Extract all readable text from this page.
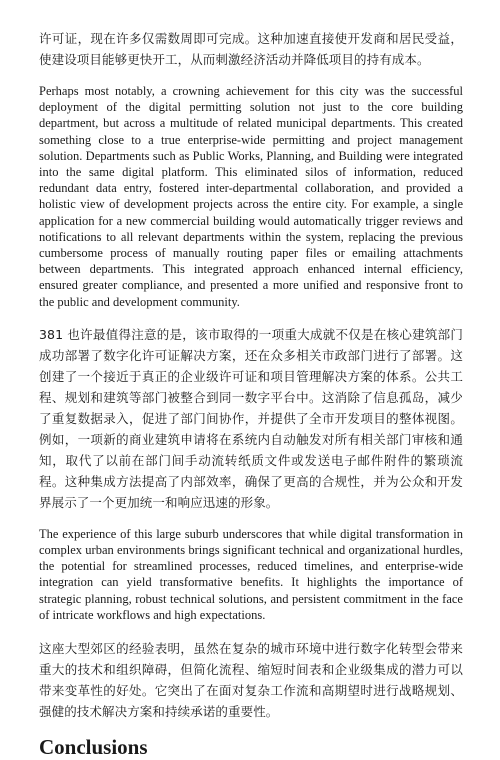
许可证，现在许多仅需数周即可完成。这种加速直接使开发商和居民受益，使建设项目能够更快开工，从而刺激经济活动并降低项目的持有成本。

Perhaps most notably, a crowning achievement for this city was the successful deployment of the digital permitting solution not just to the core building department, but across a multitude of related municipal departments. This created something close to a true enterprise-wide permitting and project management solution. Departments such as Public Works, Planning, and Building were integrated into the same digital platform. This eliminated silos of information, reduced redundant data entry, fostered inter-departmental collaboration, and provided a holistic view of development projects across the entire city. For example, a single application for a new commercial building would automatically trigger reviews and notifications to all relevant departments within the system, replacing the previous cumbersome process of manually routing paper files or emailing attachments between departments. This integrated approach enhanced internal efficiency, ensured greater compliance, and presented a more unified and responsive front to the public and development community.

381 也许最值得注意的是，该市取得的一项重大成就不仅是在核心建筑部门成功部署了数字化许可证解决方案，还在众多相关市政部门进行了部署。这创建了一个接近于真正的企业级许可证和项目管理解决方案的体系。公共工程、规划和建筑等部门被整合到同一数字平台中。这消除了信息孤岛，减少了重复数据录入，促进了部门间协作，并提供了全市开发项目的整体视图。例如，一项新的商业建筑申请将在系统内自动触发对所有相关部门审核和通知，取代了以前在部门间手动流转纸质文件或发送电子邮件附件的繁琐流程。这种集成方法提高了内部效率，确保了更高的合规性，并为公众和开发界展示了一个更加统一和响应迅速的形象。

The experience of this large suburb underscores that while digital transformation in complex urban environments brings significant technical and organizational hurdles, the potential for streamlined processes, reduced timelines, and enterprise-wide integration can yield transformative benefits. It highlights the importance of strategic planning, robust technical solutions, and persistent commitment in the face of intricate workflows and high expectations.

这座大型郊区的经验表明，虽然在复杂的城市环境中进行数字化转型会带来重大的技术和组织障碍，但简化流程、缩短时间表和企业级集成的潜力可以带来变革性的好处。它突出了在面对复杂工作流和高期望时进行战略规划、强健的技术解决方案和持续承诺的重要性。

Conclusions
